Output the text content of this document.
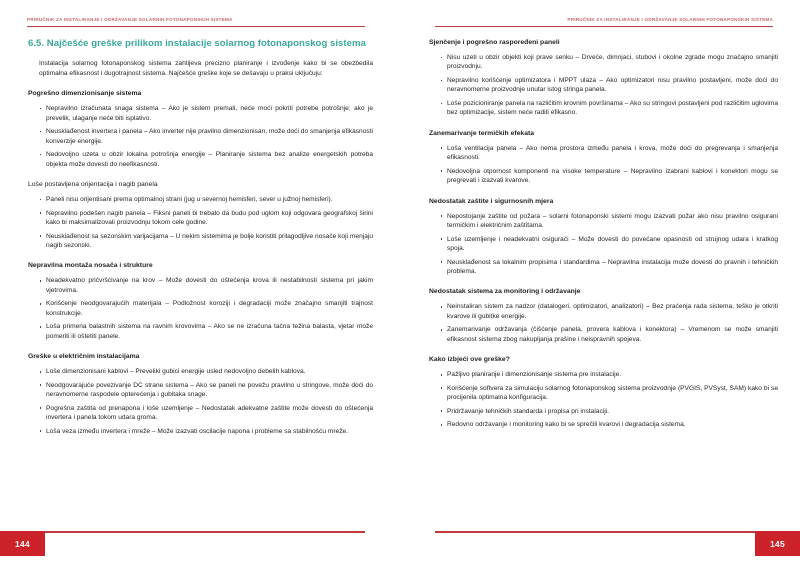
PRIRUČNIK ZA INSTALIRANJE I ODRŽAVANJE SOLARNIH FOTONAPONSKIH SISTEMA
6.5. Najčešće greške prilikom instalacije solarnog fotonaponskog sistema

Instalacija solarnog fotonaponskog sistema zahtijeva precizno planiranje i izvođenje kako bi se obezbedila optimalna efikasnost i dugotrajnost sistema. Najčešće greške koje se dešavaju u praksi uključuju:

Pogrešno dimenzionisanje sistema
Nepravilno izračunata snaga sistema – Ako je sistem premali, neće moći pokriti potrebe potrošnje; ako je prevelik, ulaganje neće biti isplativo.
Neusklađenost invertera i panela – Ako inverter nije pravilno dimenzionisan, može doći do smanjenja efikasnosti konverzije energije.
Nedovoljno uzeta u obzir lokalna potrošnja energije – Planiranje sistema bez analize energetskih potreba objekta može dovesti do neefikasnosti.
Loše postavljena orijentacija i nagib panela
Paneli nisu orijentisani prema optimalnoj strani (jug u severnoj hemisferi, sever u južnoj hemisferi).
Nepravilno podešen nagib panela – Fiksni paneli bi trebalo da budu pod uglom koji odgovara geografskoj širini kako bi maksimalizovali proizvodnju tokom cele godine.
Neusklađenost sa sezonskim varijacijama – U nekim sistemima je bolje koristiti prilagodljive nosače koji menjaju nagib sezonski.
Nepravilna montaža nosača i strukture
Neadekvatno pričvršćivanje na krov – Može dovesti do oštećenja krova ili nestabilnosti sistema pri jakim vjetrovima.
Korišćenje neodgovarajućih materijala – Podložnost koroziji i degradaciji može značajno smanjiti trajnost konstrukcije.
Loša primena balastnih sistema na ravnim krovovima – Ako se ne izračuna tačna težina balasta, vjetar može pomeriti ili oštetiti panele.
Greške u električnim instalacijama
Loše dimenzionisani kablovi – Preveliki gubici energije usled nedovoljno debelih kablova.
Neodgovarajuće povezivanje DC strane sistema – Ako se paneli ne povežu pravilno u stringove, može doći do neravnomerne raspodele opterećenja i gubitaka snage.
Pogrešna zaštita od prenapona i loše uzemljenje – Nedostatak adekvatne zaštite može dovesti do oštećenja invertera i panela tokom udara groma.
Loša veza između invertera i mreže – Može izazvati oscilacije napona i probleme sa stabilnošću mreže.
144
PRIRUČNIK ZA INSTALIRANJE I ODRŽAVANJE SOLARNIH FOTONAPONSKIH SISTEMA
Sjenčenje i pogrešno raspoređeni paneli
Nisu uzeti u obzir objekti koji prave senku – Drveće, dimnjaci, stubovi i okolne zgrade mogu značajno smanjiti proizvodnju.
Nepravilno korišćenje optimizatora i MPPT ulaza – Ako optimizatori nisu pravilno postavljeni, može doći do neravnomerne proizvodnje unutar istog stringa panela.
Loše pozicioniranje panela na različitim krovnim površinama – Ako su stringovi postavljeni pod različitim uglovima bez optimizacije, sistem neće raditi efikasno.
Zanemarivanje termičkih efekata
Loša ventilacija panela – Ako nema prostora između panela i krova, može doći do pregrevanja i smanjenja efikasnosti.
Nedovoljna otpornost komponenti na visoke temperature – Nepravilno izabrani kablovi i konektori mogu se pregrevati i izazvati kvarove.
Nedostatak zaštite i sigurnosnih mjera
Nepostojanje zaštite od požara – solarni fotonaponski sistemi mogu izazvati požar ako nisu pravilno osigurani termičkim i električnim zaštitama.
Loše uzemljenje i neadekvatni osigurači – Može dovesti do povećane opasnosti od strujnog udara i kratkog spoja.
Neusklađenost sa lokalnim propisima i standardima – Nepravilna instalacija može dovesti do pravnih i tehničkih problema.
Nedostatak sistema za monitoring i održavanje
Neinstaliran sistem za nadzor (datalogeri, optimizatori, analizatori) – Bez praćenja rada sistema, teško je otkriti kvarove ili gubitke energije.
Zanemarivanje održavanja (čišćenje panela, provera kablova i konektora) – Vremenom se može smanjiti efikasnost sistema zbog nakupljanja prašine i neispravnih spojeva.
Kako izbjeći ove greške?
Pažljivo planiranje i dimenzionisanje sistema pre instalacije.
Korišćenje softvera za simulaciju solarnog fotonaponskog sistema proizvodnje (PVGIS, PVSyst, SAM) kako bi se procijenila optimalna konfiguracija.
Pridržavanje tehničkih standarda i propisa pri instalaciji.
Redovno održavanje i monitoring kako bi se sprečili kvarovi i degradacija sistema.
145
